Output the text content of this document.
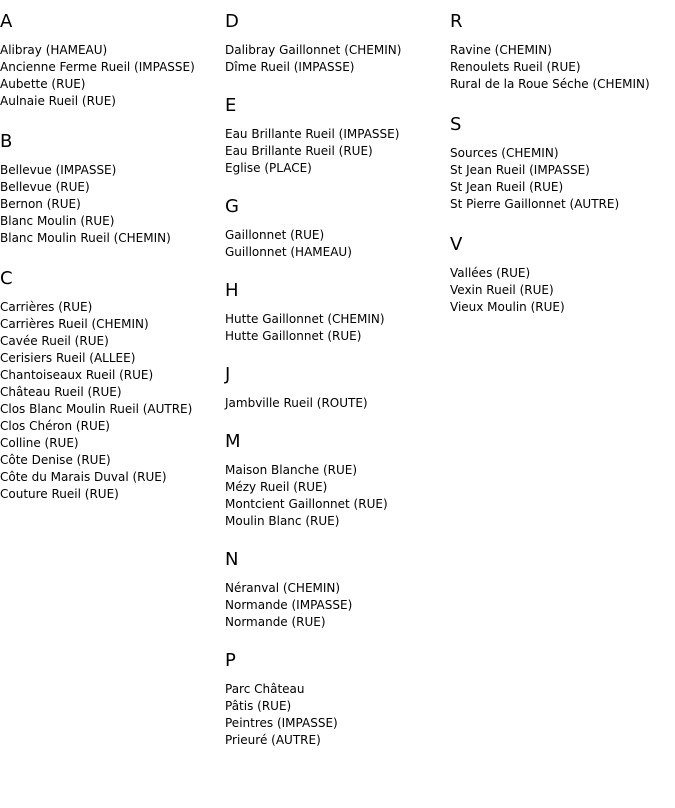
A
Alibray (HAMEAU)
Ancienne Ferme Rueil (IMPASSE)
Aubette (RUE)
Aulnaie Rueil (RUE)
B
Bellevue (IMPASSE)
Bellevue (RUE)
Bernon (RUE)
Blanc Moulin (RUE)
Blanc Moulin Rueil (CHEMIN)
C
Carrières (RUE)
Carrières Rueil (CHEMIN)
Cavée Rueil (RUE)
Cerisiers Rueil (ALLEE)
Chantoiseaux Rueil (RUE)
Château Rueil (RUE)
Clos Blanc Moulin Rueil (AUTRE)
Clos Chéron (RUE)
Colline (RUE)
Côte Denise (RUE)
Côte du Marais Duval (RUE)
Couture Rueil (RUE)
D
Dalibray Gaillonnet (CHEMIN)
Dîme Rueil (IMPASSE)
E
Eau Brillante Rueil (IMPASSE)
Eau Brillante Rueil (RUE)
Eglise (PLACE)
G
Gaillonnet (RUE)
Guillonnet (HAMEAU)
H
Hutte Gaillonnet (CHEMIN)
Hutte Gaillonnet (RUE)
J
Jambville Rueil (ROUTE)
M
Maison Blanche (RUE)
Mézy Rueil (RUE)
Montcient Gaillonnet (RUE)
Moulin Blanc (RUE)
N
Néranval (CHEMIN)
Normande (IMPASSE)
Normande (RUE)
P
Parc Château
Pâtis (RUE)
Peintres (IMPASSE)
Prieuré (AUTRE)
R
Ravine (CHEMIN)
Renoulets Rueil (RUE)
Rural de la Roue Séche (CHEMIN)
S
Sources (CHEMIN)
St Jean Rueil (IMPASSE)
St Jean Rueil (RUE)
St Pierre Gaillonnet (AUTRE)
V
Vallées (RUE)
Vexin Rueil (RUE)
Vieux Moulin (RUE)
